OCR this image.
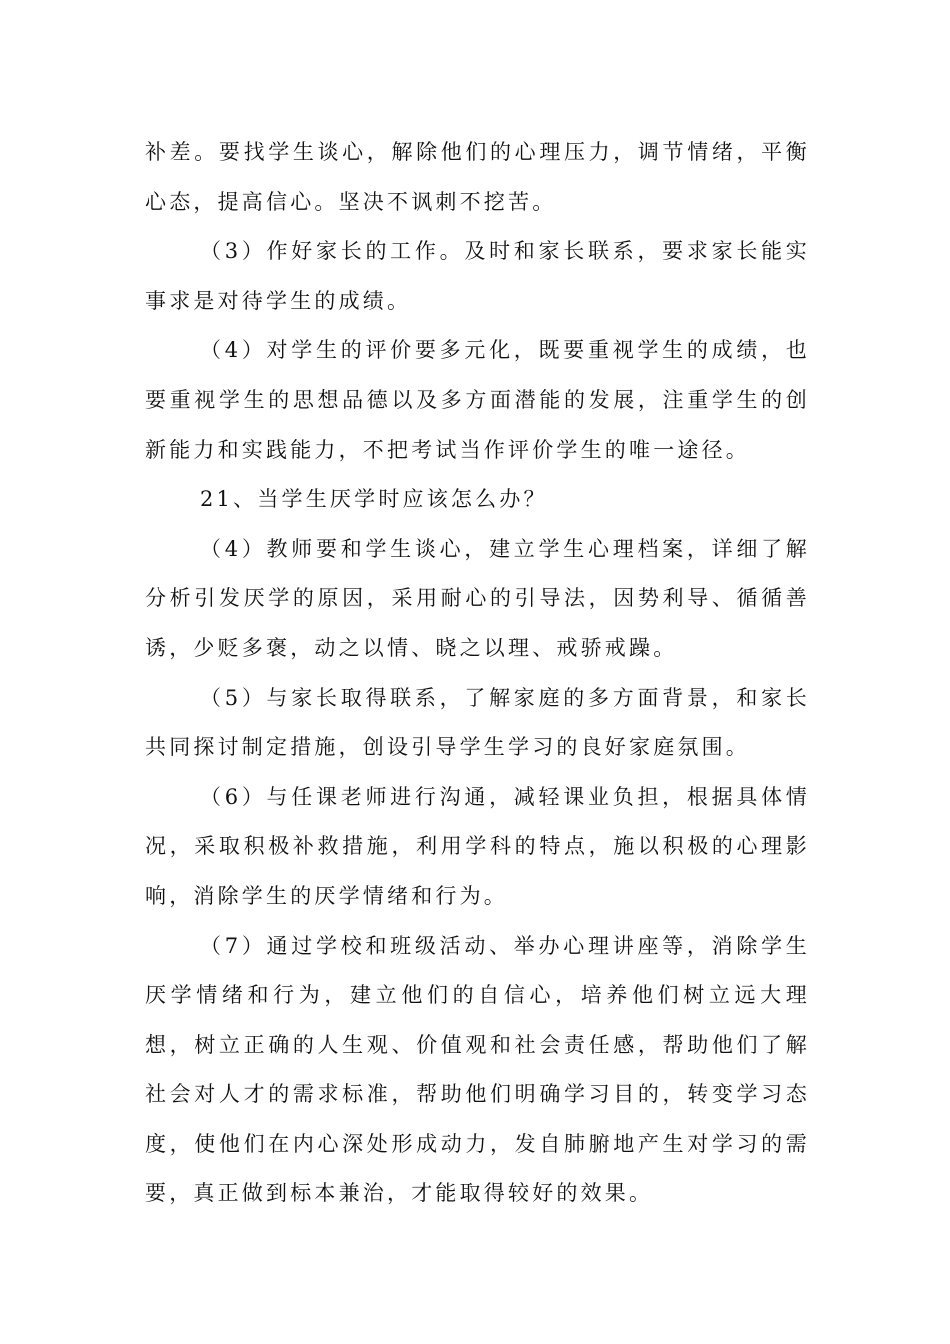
补差。要找学生谈心，解除他们的心理压力，调节情绪，平衡心态，提高信心。坚决不讽刺不挖苦。

（3）作好家长的工作。及时和家长联系，要求家长能实事求是对待学生的成绩。

（4）对学生的评价要多元化，既要重视学生的成绩，也要重视学生的思想品德以及多方面潜能的发展，注重学生的创新能力和实践能力，不把考试当作评价学生的唯一途径。

21、当学生厌学时应该怎么办？

（4）教师要和学生谈心，建立学生心理档案，详细了解分析引发厌学的原因，采用耐心的引导法，因势利导、循循善诱，少贬多褒，动之以情、晓之以理、戒骄戒躁。

（5）与家长取得联系，了解家庭的多方面背景，和家长共同探讨制定措施，创设引导学生学习的良好家庭氛围。

（6）与任课老师进行沟通，减轻课业负担，根据具体情况，采取积极补救措施，利用学科的特点，施以积极的心理影响，消除学生的厌学情绪和行为。

（7）通过学校和班级活动、举办心理讲座等，消除学生厌学情绪和行为，建立他们的自信心，培养他们树立远大理想，树立正确的人生观、价值观和社会责任感，帮助他们了解社会对人才的需求标准，帮助他们明确学习目的，转变学习态度，使他们在内心深处形成动力，发自肺腑地产生对学习的需要，真正做到标本兼治，才能取得较好的效果。
